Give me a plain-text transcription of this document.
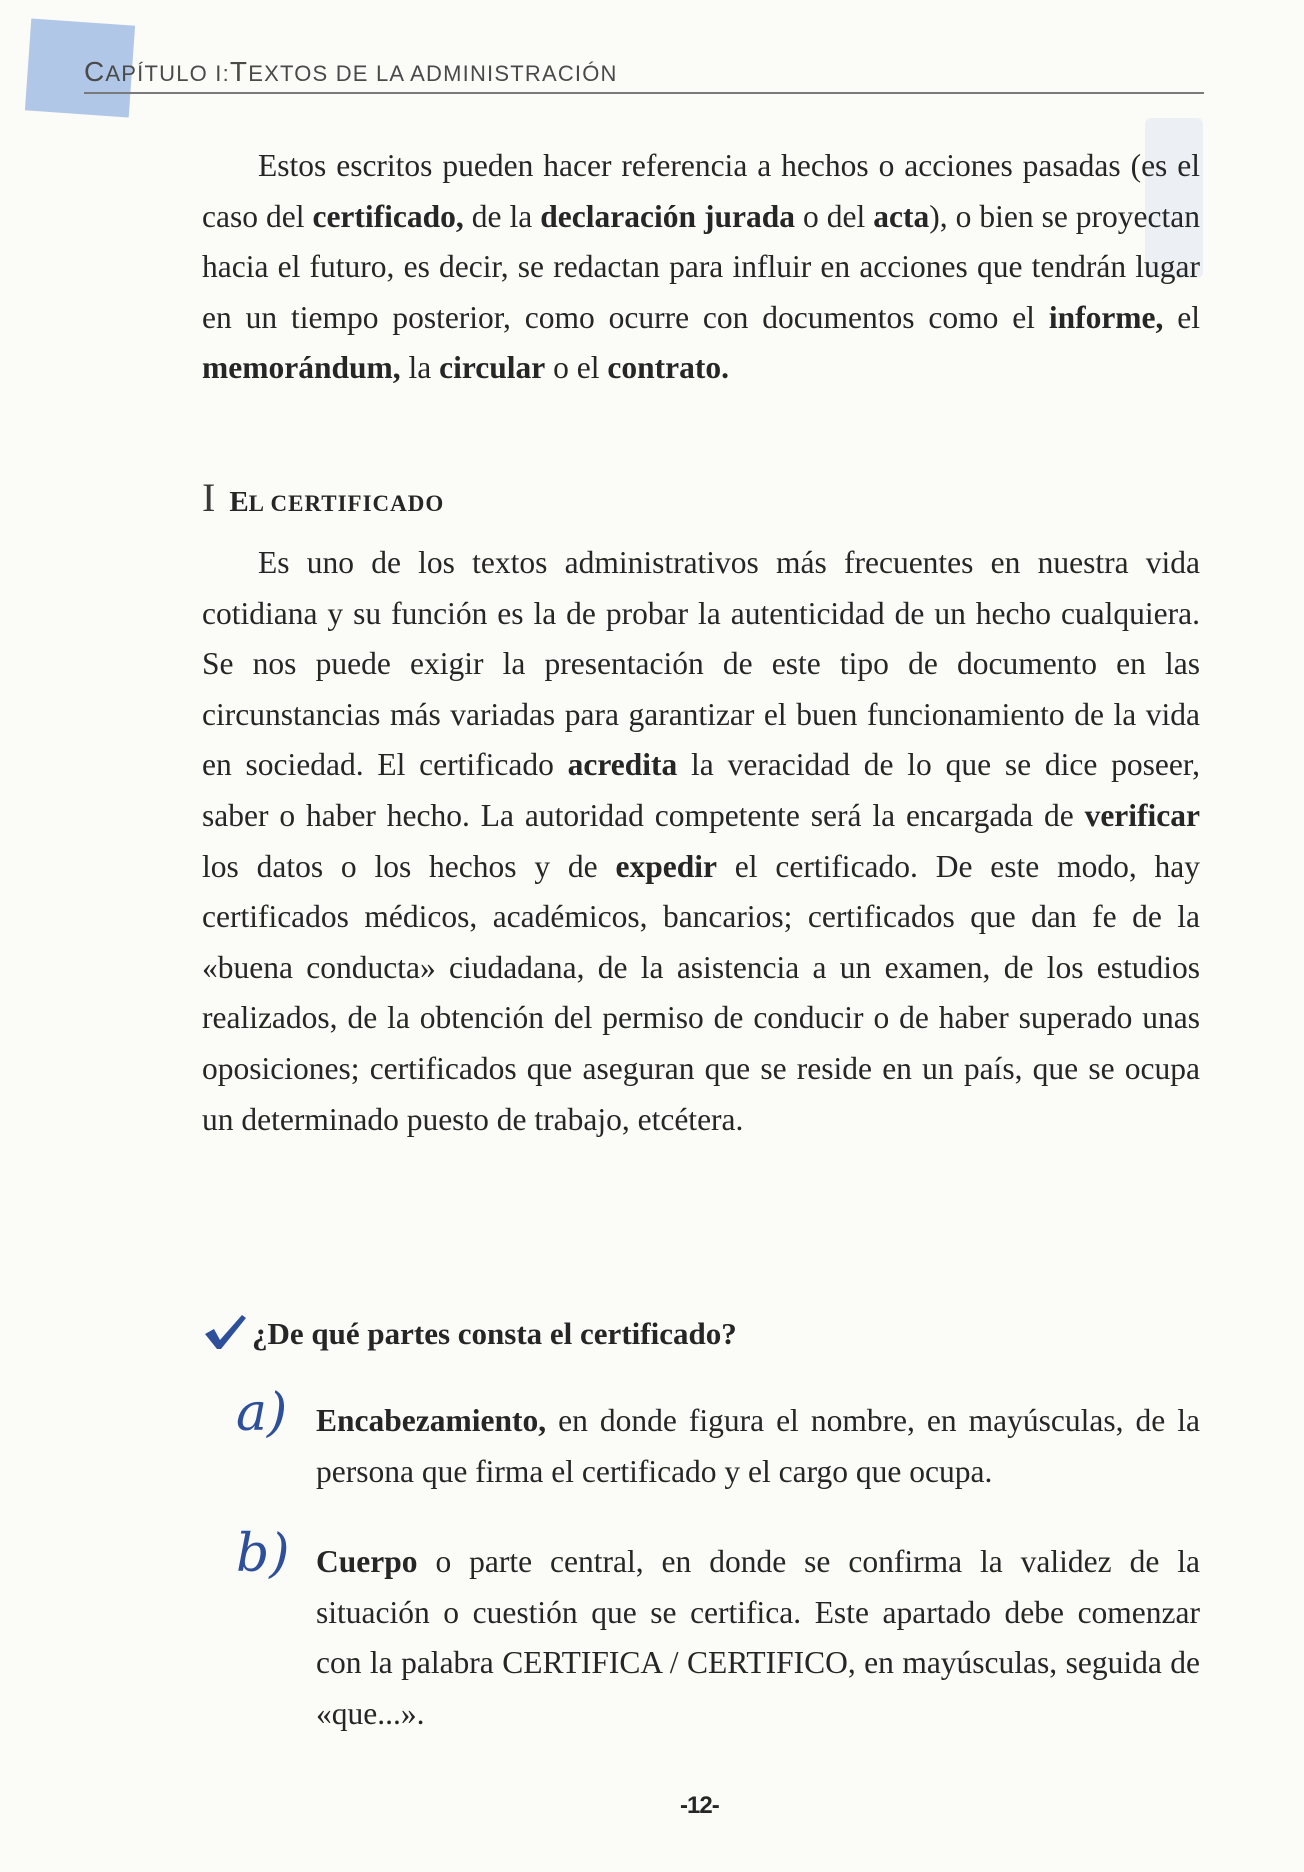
CAPÍTULO I:TEXTOS DE LA ADMINISTRACIÓN

Estos escritos pueden hacer referencia a hechos o acciones pasadas (es el caso del certificado, de la declaración jurada o del acta), o bien se proyectan hacia el futuro, es decir, se redactan para influir en acciones que tendrán lugar en un tiempo posterior, como ocurre con documentos como el informe, el memorándum, la circular o el contrato.

I EL CERTIFICADO

Es uno de los textos administrativos más frecuentes en nuestra vida cotidiana y su función es la de probar la autenticidad de un hecho cualquiera. Se nos puede exigir la presentación de este tipo de documento en las circunstancias más variadas para garantizar el buen funcionamiento de la vida en sociedad. El certificado acredita la veracidad de lo que se dice poseer, saber o haber hecho. La autoridad competente será la encargada de verificar los datos o los hechos y de expedir el certificado. De este modo, hay certificados médicos, académicos, bancarios; certificados que dan fe de la «buena conducta» ciudadana, de la asistencia a un examen, de los estudios realizados, de la obtención del permiso de conducir o de haber superado unas oposiciones; certificados que aseguran que se reside en un país, que se ocupa un determinado puesto de trabajo, etcétera.

¿De qué partes consta el certificado?
a) Encabezamiento, en donde figura el nombre, en mayúsculas, de la persona que firma el certificado y el cargo que ocupa.
b) Cuerpo o parte central, en donde se confirma la validez de la situación o cuestión que se certifica. Este apartado debe comenzar con la palabra CERTIFICA / CERTIFICO, en mayúsculas, seguida de «que...».
-12-
